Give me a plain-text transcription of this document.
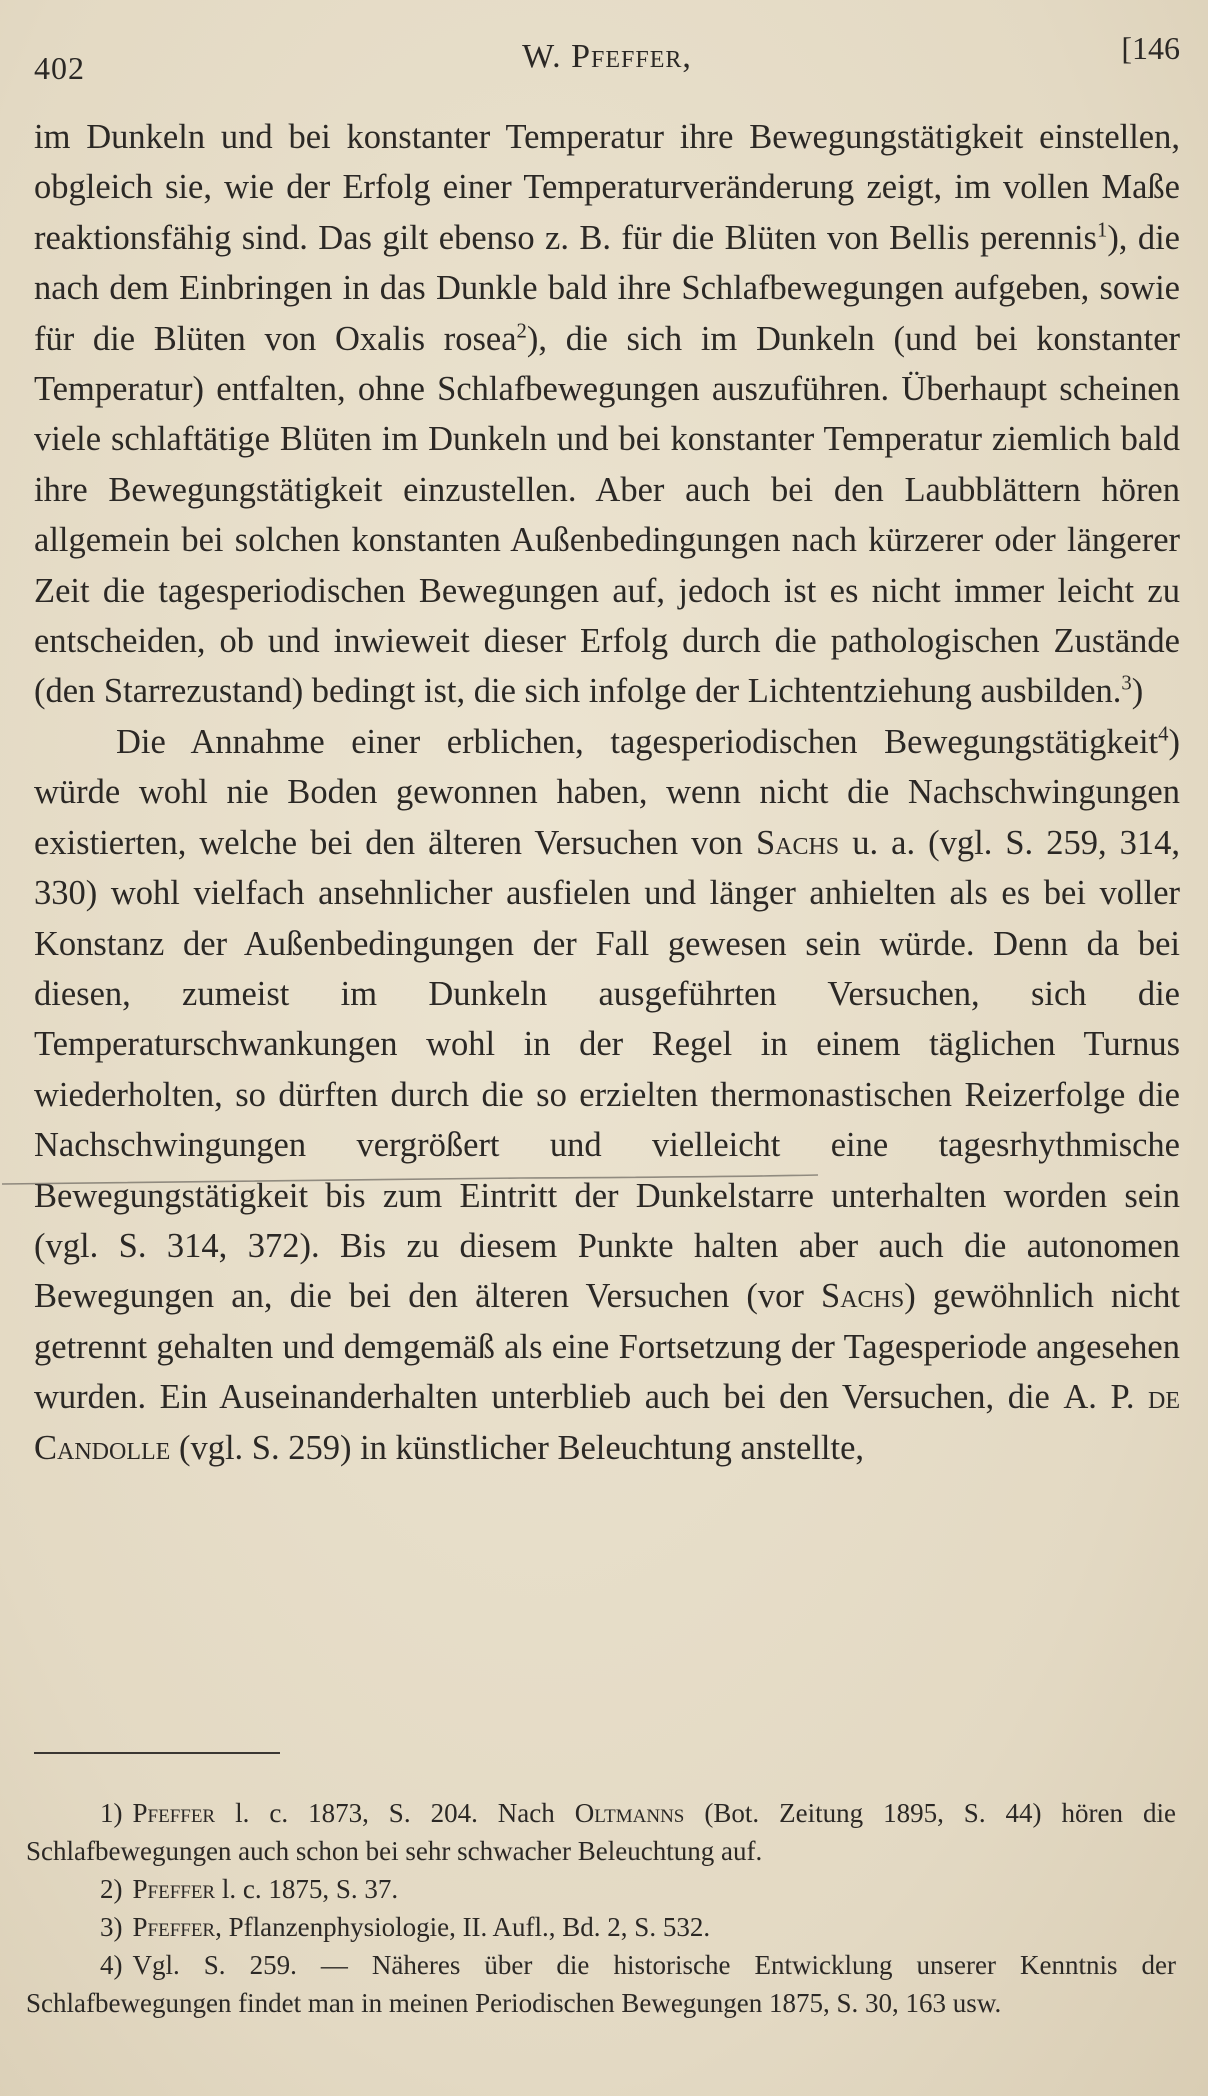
402	W. Pfeffer,	[146

im Dunkeln und bei konstanter Temperatur ihre Bewegungstätigkeit einstellen, obgleich sie, wie der Erfolg einer Temperaturveränderung zeigt, im vollen Maße reaktionsfähig sind. Das gilt ebenso z. B. für die Blüten von Bellis perennis$^1$), die nach dem Einbringen in das Dunkle bald ihre Schlafbewegungen aufgeben, sowie für die Blüten von Oxalis rosea$^2$), die sich im Dunkeln (und bei konstanter Temperatur) entfalten, ohne Schlafbewegungen auszuführen. Überhaupt scheinen viele schlaftätige Blüten im Dunkeln und bei konstanter Temperatur ziemlich bald ihre Bewegungstätigkeit einzustellen. Aber auch bei den Laubblättern hören allgemein bei solchen konstanten Außenbedingungen nach kürzerer oder längerer Zeit die tagesperiodischen Bewegungen auf, jedoch ist es nicht immer leicht zu entscheiden, ob und inwieweit dieser Erfolg durch die pathologischen Zustände (den Starrezustand) bedingt ist, die sich infolge der Lichtentziehung ausbilden.$^3$)

Die Annahme einer erblichen, tagesperiodischen Bewegungstätigkeit$^4$) würde wohl nie Boden gewonnen haben, wenn nicht die Nachschwingungen existierten, welche bei den älteren Versuchen von Sachs u. a. (vgl. S. 259, 314, 330) wohl vielfach ansehnlicher ausfielen und länger anhielten als es bei voller Konstanz der Außenbedingungen der Fall gewesen sein würde. Denn da bei diesen, zumeist im Dunkeln ausgeführten Versuchen, sich die Temperaturschwankungen wohl in der Regel in einem täglichen Turnus wiederholten, so dürften durch die so erzielten thermonastischen Reizerfolge die Nachschwingungen vergrößert und vielleicht eine tagesrhythmische Bewegungstätigkeit bis zum Eintritt der Dunkelstarre unterhalten worden sein (vgl. S. 314, 372). Bis zu diesem Punkte halten aber auch die autonomen Bewegungen an, die bei den älteren Versuchen (vor Sachs) gewöhnlich nicht getrennt gehalten und demgemäß als eine Fortsetzung der Tagesperiode angesehen wurden. Ein Auseinanderhalten unterblieb auch bei den Versuchen, die A. P. de Candolle (vgl. S. 259) in künstlicher Beleuchtung anstellte,

1) Pfeffer l. c. 1873, S. 204. Nach Oltmanns (Bot. Zeitung 1895, S. 44) hören die Schlafbewegungen auch schon bei sehr schwacher Beleuchtung auf.

2) Pfeffer l. c. 1875, S. 37.

3) Pfeffer, Pflanzenphysiologie, II. Aufl., Bd. 2, S. 532.

4) Vgl. S. 259. — Näheres über die historische Entwicklung unserer Kenntnis der Schlafbewegungen findet man in meinen Periodischen Bewegungen 1875, S. 30, 163 usw.
